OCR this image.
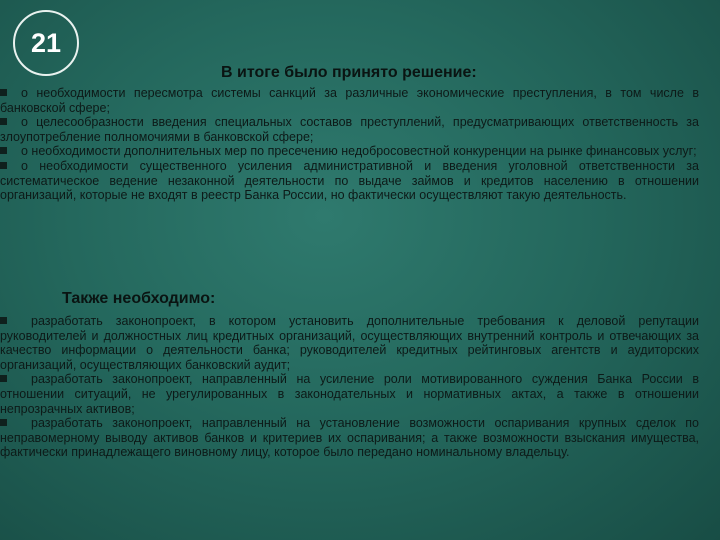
21
В итоге было принято решение:

о необходимости пересмотра системы санкций за различные экономические преступления, в том числе в банковской сфере;

о целесообразности введения специальных составов преступлений, предусматривающих ответственность за злоупотребление полномочиями в банковской сфере;

о необходимости дополнительных мер по пресечению недобросовестной конкуренции на рынке финансовых услуг;

о необходимости существенного усиления административной и введения уголовной ответственности за систематическое ведение незаконной деятельности по выдаче займов и кредитов населению в отношении организаций, которые не входят в реестр Банка России, но фактически осуществляют такую деятельность.

Также необходимо:

разработать законопроект, в котором установить дополнительные требования к деловой репутации руководителей и должностных лиц кредитных организаций, осуществляющих внутренний контроль и отвечающих за качество информации о деятельности банка; руководителей кредитных рейтинговых агентств и аудиторских организаций, осуществляющих банковский аудит;

разработать законопроект, направленный на усиление роли мотивированного суждения Банка России в отношении ситуаций, не урегулированных в законодательных и нормативных актах, а также в отношении непрозрачных активов;

разработать законопроект, направленный на установление возможности оспаривания крупных сделок по неправомерному выводу активов банков и критериев их оспаривания; а также возможности взыскания имущества, фактически принадлежащего виновному лицу, которое было передано номинальному владельцу.
